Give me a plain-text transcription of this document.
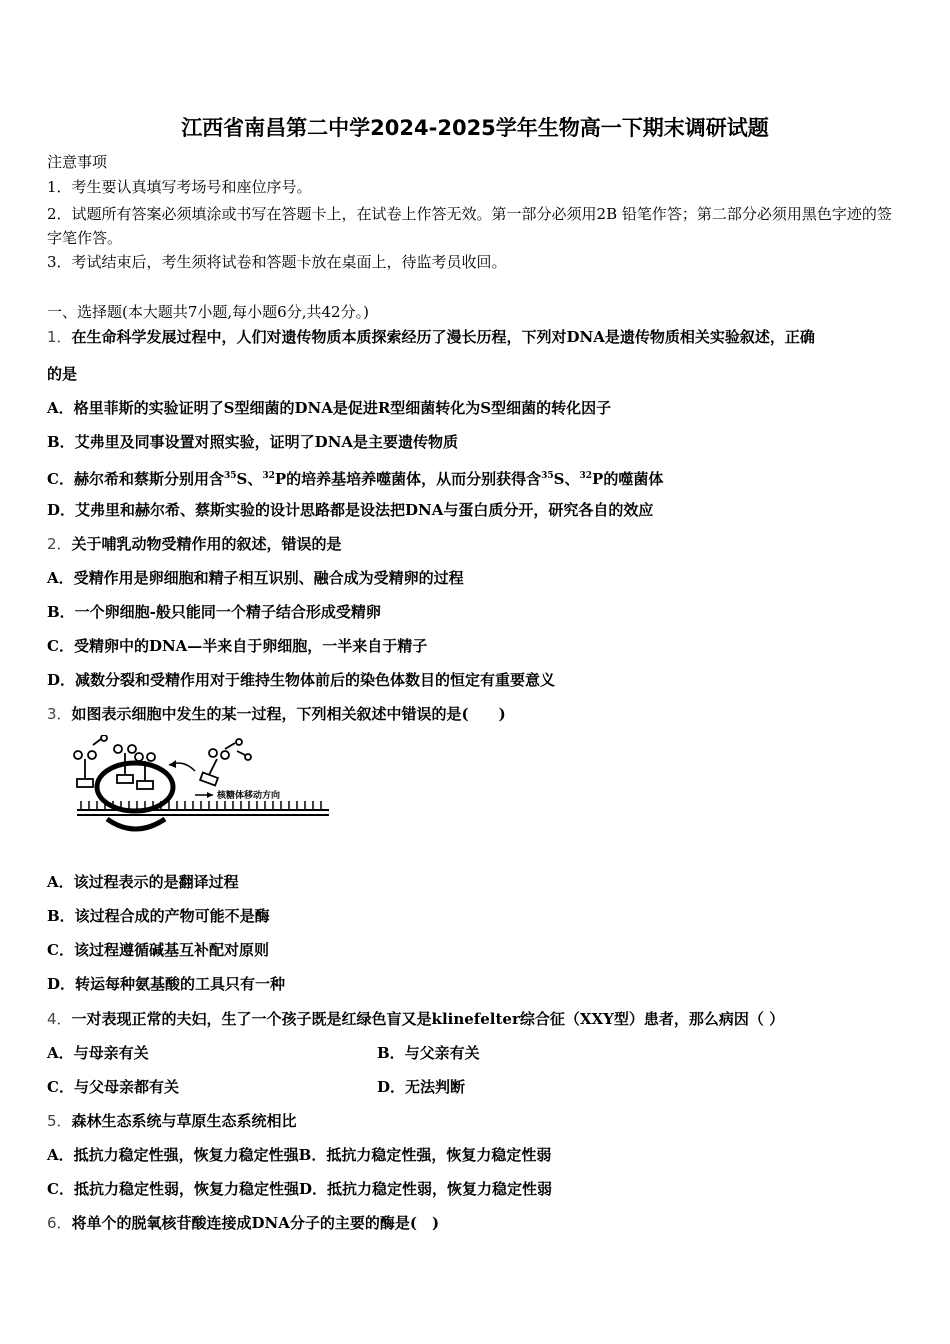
江西省南昌第二中学2024-2025学年生物高一下期末调研试题
注意事项
1．考生要认真填写考场号和座位序号。
2．试题所有答案必须填涂或书写在答题卡上，在试卷上作答无效。第一部分必须用2B 铅笔作答；第二部分必须用黑色字迹的签字笔作答。
3．考试结束后，考生须将试卷和答题卡放在桌面上，待监考员收回。
一、选择题(本大题共7小题,每小题6分,共42分。)
1．在生命科学发展过程中，人们对遗传物质本质探索经历了漫长历程，下列对DNA是遗传物质相关实验叙述，正确
的是
A．格里菲斯的实验证明了S型细菌的DNA是促进R型细菌转化为S型细菌的转化因子
B．艾弗里及同事设置对照实验，证明了DNA是主要遗传物质
C．赫尔希和蔡斯分别用含$^{35}$S、$^{32}$P的培养基培养噬菌体，从而分别获得含$^{35}$S、$^{32}$P的噬菌体
D．艾弗里和赫尔希、蔡斯实验的设计思路都是设法把DNA与蛋白质分开，研究各自的效应
2．关于哺乳动物受精作用的叙述，错误的是
A．受精作用是卵细胞和精子相互识别、融合成为受精卵的过程
B．一个卵细胞-般只能同一个精子结合形成受精卵
C．受精卵中的DNA—半来自于卵细胞，一半来自于精子
D．减数分裂和受精作用对于维持生物体前后的染色体数目的恒定有重要意义
3．如图表示细胞中发生的某一过程，下列相关叙述中错误的是(　　)
核糖体移动方向
A．该过程表示的是翻译过程
B．该过程合成的产物可能不是酶
C．该过程遵循碱基互补配对原则
D．转运每种氨基酸的工具只有一种
4．一对表现正常的夫妇，生了一个孩子既是红绿色盲又是klinefelter综合征（XXY型）患者，那么病因（ ）
A．与母亲有关	B．与父亲有关
C．与父母亲都有关	D．无法判断
5．森林生态系统与草原生态系统相比
A．抵抗力稳定性强，恢复力稳定性强B．抵抗力稳定性强，恢复力稳定性弱
C．抵抗力稳定性弱，恢复力稳定性强D．抵抗力稳定性弱，恢复力稳定性弱
6．将单个的脱氧核苷酸连接成DNA分子的主要的酶是(　)
